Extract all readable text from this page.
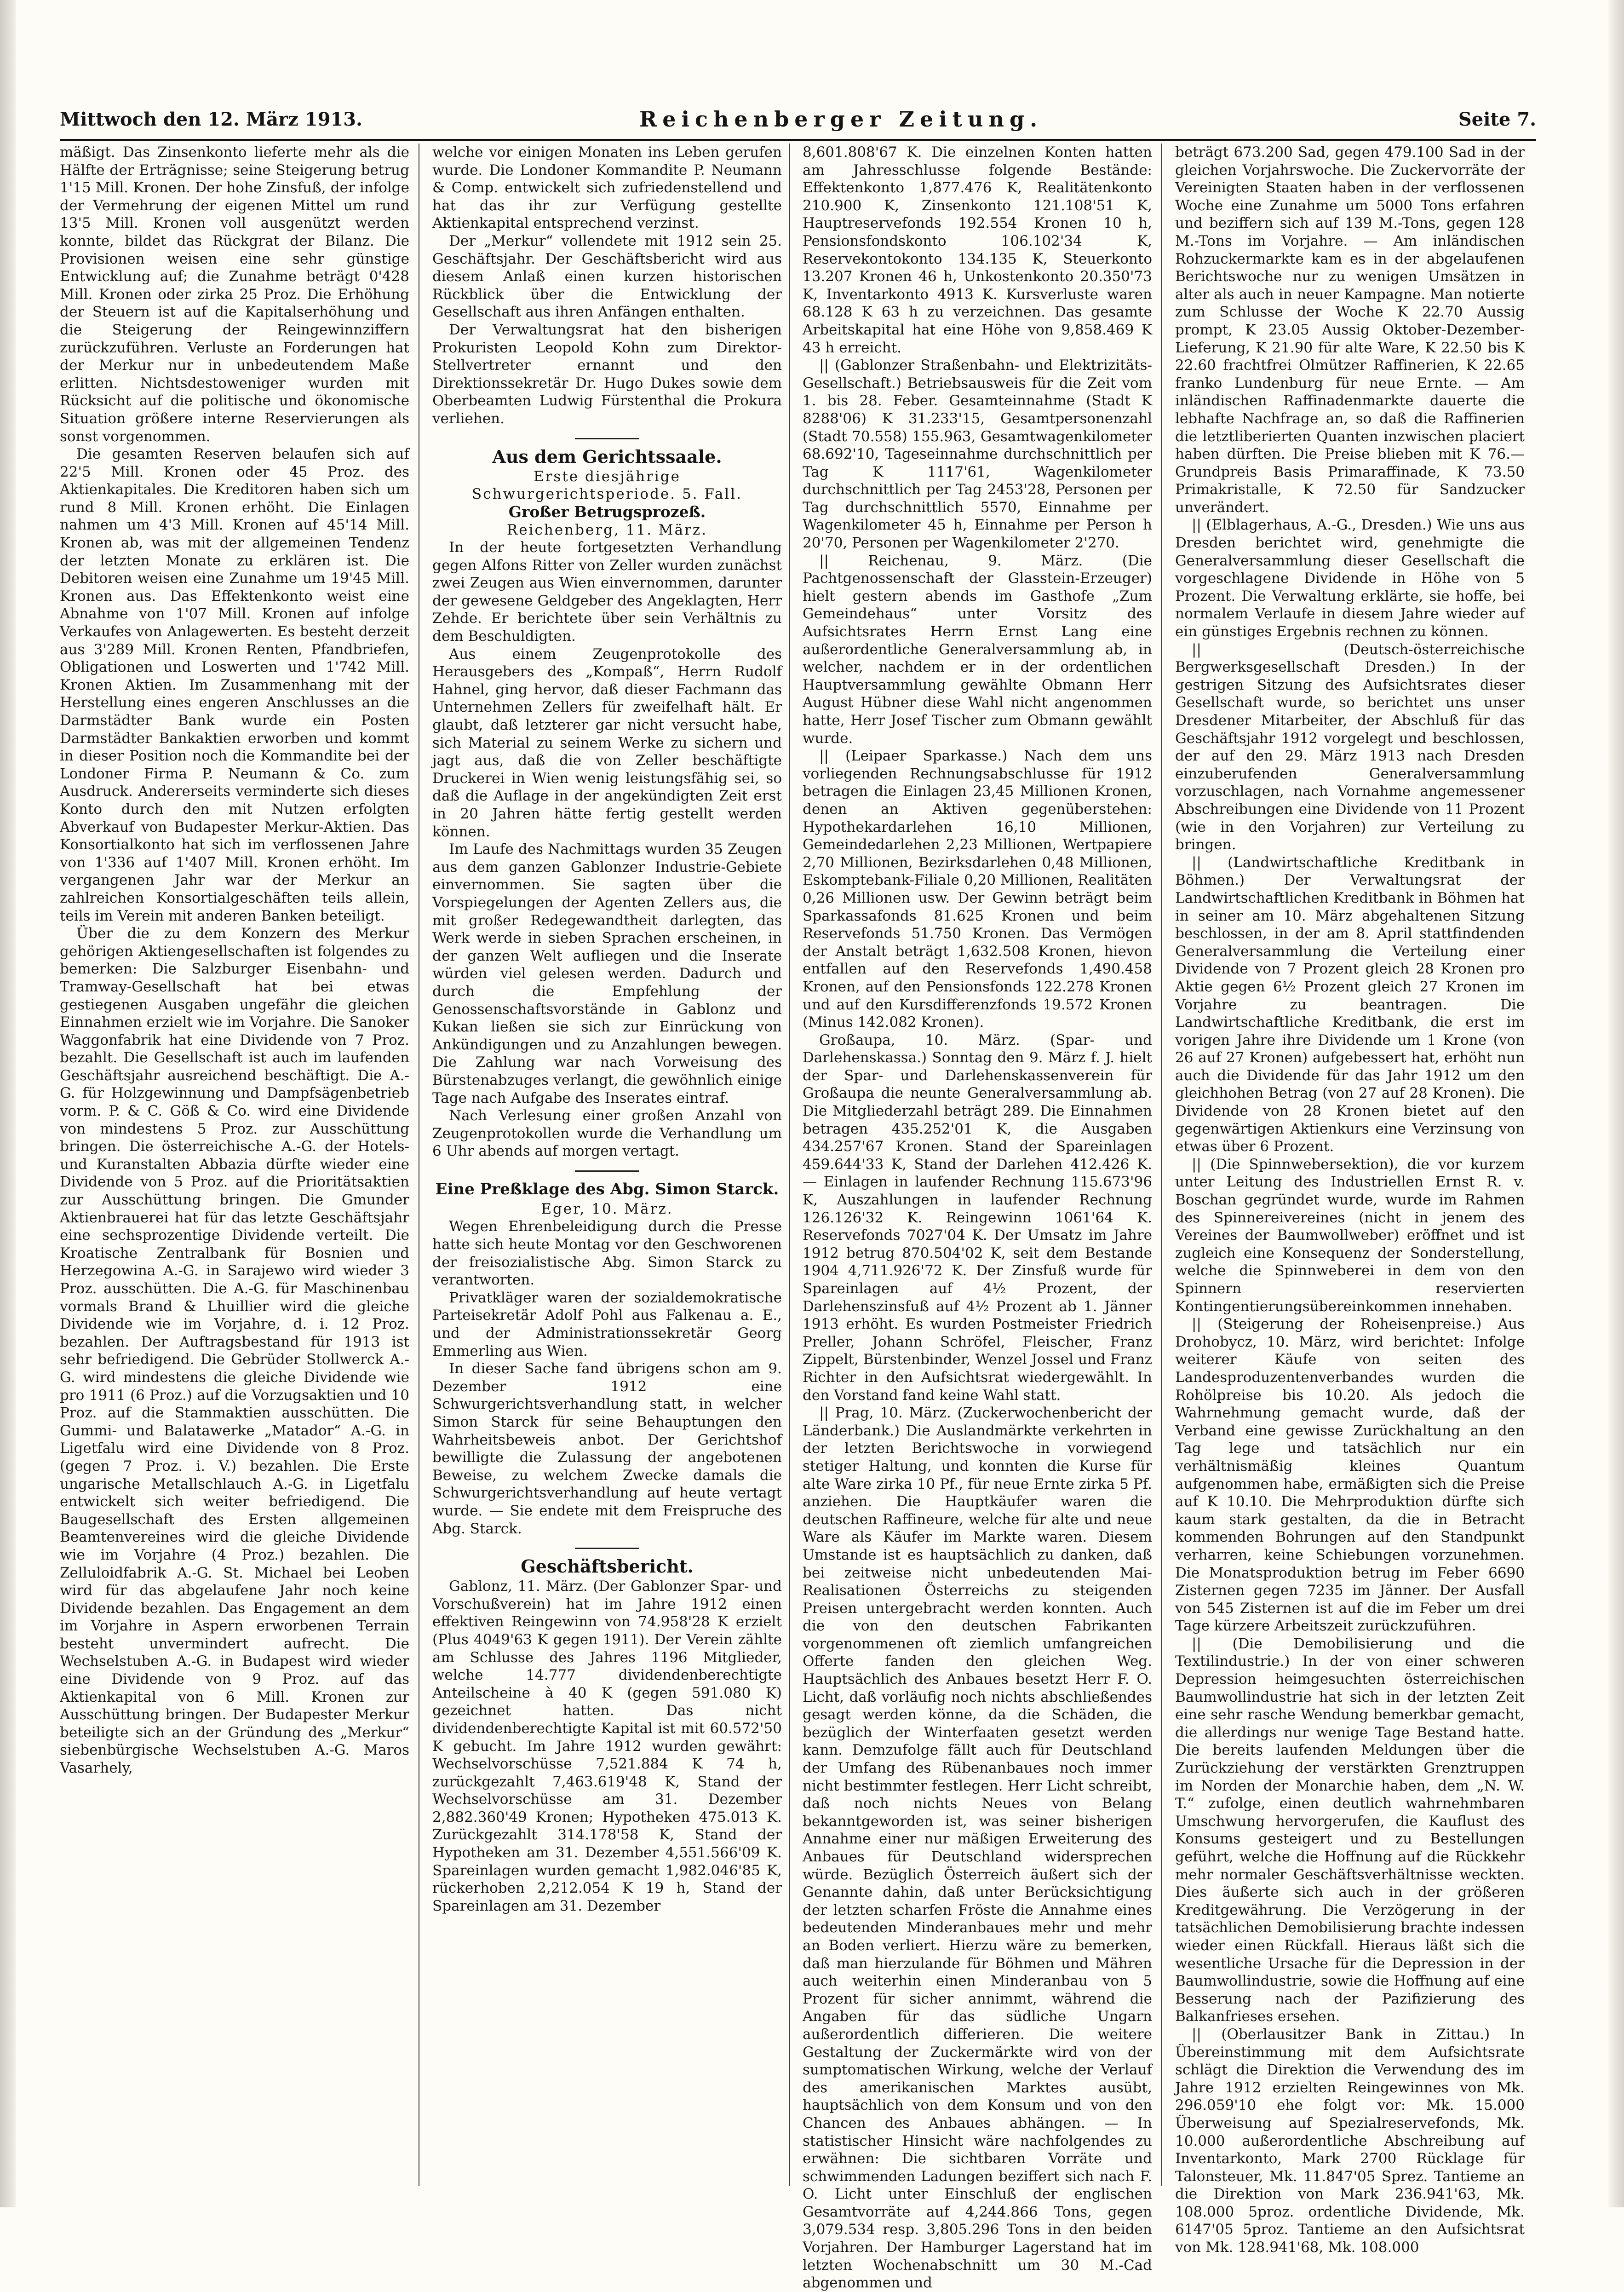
Mittwoch den 12. März 1913.	Reichenberger Zeitung.	Seite 7.

mäßigt. Das Zinsenkonto lieferte mehr als die Hälfte der Erträgnisse; seine Steigerung betrug 1'15 Mill. Kronen. Der hohe Zinsfuß, der infolge der Vermehrung der eigenen Mittel um rund 13'5 Mill. Kronen voll ausgenützt werden konnte, bildet das Rückgrat der Bilanz. Die Provisionen weisen eine sehr günstige Entwicklung auf; die Zunahme beträgt 0'428 Mill. Kronen oder zirka 25 Proz. Die Erhöhung der Steuern ist auf die Kapitalserhöhung und die Steigerung der Reingewinnziffern zurückzuführen. Verluste an Forderungen hat der Merkur nur in unbedeutendem Maße erlitten. Nichtsdestoweniger wurden mit Rücksicht auf die politische und ökonomische Situation größere interne Reservierungen als sonst vorgenommen.

Die gesamten Reserven belaufen sich auf 22'5 Mill. Kronen oder 45 Proz. des Aktienkapitales. Die Kreditoren haben sich um rund 8 Mill. Kronen erhöht. Die Einlagen nahmen um 4'3 Mill. Kronen auf 45'14 Mill. Kronen ab, was mit der allgemeinen Tendenz der letzten Monate zu erklären ist. Die Debitoren weisen eine Zunahme um 19'45 Mill. Kronen aus. Das Effektenkonto weist eine Abnahme von 1'07 Mill. Kronen auf infolge Verkaufes von Anlagewerten. Es besteht derzeit aus 3'289 Mill. Kronen Renten, Pfandbriefen, Obligationen und Loswerten und 1'742 Mill. Kronen Aktien. Im Zusammenhang mit der Herstellung eines engeren Anschlusses an die Darmstädter Bank wurde ein Posten Darmstädter Bankaktien erworben und kommt in dieser Position noch die Kommandite bei der Londoner Firma P. Neumann & Co. zum Ausdruck. Andererseits verminderte sich dieses Konto durch den mit Nutzen erfolgten Abverkauf von Budapester Merkur-Aktien. Das Konsortialkonto hat sich im verflossenen Jahre von 1'336 auf 1'407 Mill. Kronen erhöht. Im vergangenen Jahr war der Merkur an zahlreichen Konsortialgeschäften teils allein, teils im Verein mit anderen Banken beteiligt.

Über die zu dem Konzern des Merkur gehörigen Aktiengesellschaften ist folgendes zu bemerken: Die Salzburger Eisenbahn- und Tramway-Gesellschaft hat bei etwas gestiegenen Ausgaben ungefähr die gleichen Einnahmen erzielt wie im Vorjahre. Die Sanoker Waggonfabrik hat eine Dividende von 7 Proz. bezahlt. Die Gesellschaft ist auch im laufenden Geschäftsjahr ausreichend beschäftigt. Die A.-G. für Holzgewinnung und Dampfsägenbetrieb vorm. P. & C. Göß & Co. wird eine Dividende von mindestens 5 Proz. zur Ausschüttung bringen. Die österreichische A.-G. der Hotels- und Kuranstalten Abbazia dürfte wieder eine Dividende von 5 Proz. auf die Prioritätsaktien zur Ausschüttung bringen. Die Gmunder Aktienbrauerei hat für das letzte Geschäftsjahr eine sechsprozentige Dividende verteilt. Die Kroatische Zentralbank für Bosnien und Herzegowina A.-G. in Sarajewo wird wieder 3 Proz. ausschütten. Die A.-G. für Maschinenbau vormals Brand & Lhuillier wird die gleiche Dividende wie im Vorjahre, d. i. 12 Proz. bezahlen. Der Auftragsbestand für 1913 ist sehr befriedigend. Die Gebrüder Stollwerck A.-G. wird mindestens die gleiche Dividende wie pro 1911 (6 Proz.) auf die Vorzugsaktien und 10 Proz. auf die Stammaktien ausschütten. Die Gummi- und Balatawerke „Matador“ A.-G. in Ligetfalu wird eine Dividende von 8 Proz. (gegen 7 Proz. i. V.) bezahlen. Die Erste ungarische Metallschlauch A.-G. in Ligetfalu entwickelt sich weiter befriedigend. Die Baugesellschaft des Ersten allgemeinen Beamtenvereines wird die gleiche Dividende wie im Vorjahre (4 Proz.) bezahlen. Die Zelluloidfabrik A.-G. St. Michael bei Leoben wird für das abgelaufene Jahr noch keine Dividende bezahlen. Das Engagement an dem im Vorjahre in Aspern erworbenen Terrain besteht unvermindert aufrecht. Die Wechselstuben A.-G. in Budapest wird wieder eine Dividende von 9 Proz. auf das Aktienkapital von 6 Mill. Kronen zur Ausschüttung bringen. Der Budapester Merkur beteiligte sich an der Gründung des „Merkur“ siebenbürgische Wechselstuben A.-G. Maros Vasarhely,

welche vor einigen Monaten ins Leben gerufen wurde. Die Londoner Kommandite P. Neumann & Comp. entwickelt sich zufriedenstellend und hat das ihr zur Verfügung gestellte Aktienkapital entsprechend verzinst.

Der „Merkur“ vollendete mit 1912 sein 25. Geschäftsjahr. Der Geschäftsbericht wird aus diesem Anlaß einen kurzen historischen Rückblick über die Entwicklung der Gesellschaft aus ihren Anfängen enthalten.

Der Verwaltungsrat hat den bisherigen Prokuristen Leopold Kohn zum Direktor-Stellvertreter ernannt und den Direktionssekretär Dr. Hugo Dukes sowie dem Oberbeamten Ludwig Fürstenthal die Prokura verliehen.

Aus dem Gerichtssaale.

Erste diesjährige Schwurgerichtsperiode. 5. Fall.

Großer Betrugsprozeß.

Reichenberg, 11. März.

In der heute fortgesetzten Verhandlung gegen Alfons Ritter von Zeller wurden zunächst zwei Zeugen aus Wien einvernommen, darunter der gewesene Geldgeber des Angeklagten, Herr Zehde. Er berichtete über sein Verhältnis zu dem Beschuldigten.

Aus einem Zeugenprotokolle des Herausgebers des „Kompaß“, Herrn Rudolf Hahnel, ging hervor, daß dieser Fachmann das Unternehmen Zellers für zweifelhaft hält. Er glaubt, daß letzterer gar nicht versucht habe, sich Material zu seinem Werke zu sichern und jagt aus, daß die von Zeller beschäftigte Druckerei in Wien wenig leistungsfähig sei, so daß die Auflage in der angekündigten Zeit erst in 20 Jahren hätte fertig gestellt werden können.

Im Laufe des Nachmittags wurden 35 Zeugen aus dem ganzen Gablonzer Industrie-Gebiete einvernommen. Sie sagten über die Vorspiegelungen der Agenten Zellers aus, die mit großer Redegewandtheit darlegten, das Werk werde in sieben Sprachen erscheinen, in der ganzen Welt aufliegen und die Inserate würden viel gelesen werden. Dadurch und durch die Empfehlung der Genossenschaftsvorstände in Gablonz und Kukan ließen sie sich zur Einrückung von Ankündigungen und zu Anzahlungen bewegen. Die Zahlung war nach Vorweisung des Bürstenabzuges verlangt, die gewöhnlich einige Tage nach Aufgabe des Inserates eintraf.

Nach Verlesung einer großen Anzahl von Zeugenprotokollen wurde die Verhandlung um 6 Uhr abends auf morgen vertagt.

Eine Preßklage des Abg. Simon Starck.

Eger, 10. März.

Wegen Ehrenbeleidigung durch die Presse hatte sich heute Montag vor den Geschworenen der freisozialistische Abg. Simon Starck zu verantworten.

Privatkläger waren der sozialdemokratische Parteisekretär Adolf Pohl aus Falkenau a. E., und der Administrationssekretär Georg Emmerling aus Wien.

In dieser Sache fand übrigens schon am 9. Dezember 1912 eine Schwurgerichtsverhandlung statt, in welcher Simon Starck für seine Behauptungen den Wahrheitsbeweis anbot. Der Gerichtshof bewilligte die Zulassung der angebotenen Beweise, zu welchem Zwecke damals die Schwurgerichtsverhandlung auf heute vertagt wurde. — Sie endete mit dem Freispruche des Abg. Starck.

Geschäftsbericht.

Gablonz, 11. März. (Der Gablonzer Spar- und Vorschußverein) hat im Jahre 1912 einen effektiven Reingewinn von 74.958'28 K erzielt (Plus 4049'63 K gegen 1911). Der Verein zählte am Schlusse des Jahres 1196 Mitglieder, welche 14.777 dividendenberechtigte Anteilscheine à 40 K (gegen 591.080 K) gezeichnet hatten. Das nicht dividendenberechtigte Kapital ist mit 60.572'50 K gebucht. Im Jahre 1912 wurden gewährt: Wechselvorschüsse 7,521.884 K 74 h, zurückgezahlt 7,463.619'48 K, Stand der Wechselvorschüsse am 31. Dezember 2,882.360'49 Kronen; Hypotheken 475.013 K. Zurückgezahlt 314.178'58 K, Stand der Hypotheken am 31. Dezember 4,551.566'09 K. Spareinlagen wurden gemacht 1,982.046'85 K, rückerhoben 2,212.054 K 19 h, Stand der Spareinlagen am 31. Dezember

8,601.808'67 K. Die einzelnen Konten hatten am Jahresschlusse folgende Bestände: Effektenkonto 1,877.476 K, Realitätenkonto 210.900 K, Zinsenkonto 121.108'51 K, Hauptreservefonds 192.554 Kronen 10 h, Pensionsfondskonto 106.102'34 K, Reservekontokonto 134.135 K, Steuerkonto 13.207 Kronen 46 h, Unkostenkonto 20.350'73 K, Inventarkonto 4913 K. Kursverluste waren 68.128 K 63 h zu verzeichnen. Das gesamte Arbeitskapital hat eine Höhe von 9,858.469 K 43 h erreicht.

|| (Gablonzer Straßenbahn- und Elektrizitäts-Gesellschaft.) Betriebsausweis für die Zeit vom 1. bis 28. Feber. Gesamteinnahme (Stadt K 8288'06) K 31.233'15, Gesamtpersonenzahl (Stadt 70.558) 155.963, Gesamtwagenkilometer 68.692'10, Tageseinnahme durchschnittlich per Tag K 1117'61, Wagenkilometer durchschnittlich per Tag 2453'28, Personen per Tag durchschnittlich 5570, Einnahme per Wagenkilometer 45 h, Einnahme per Person h 20'70, Personen per Wagenkilometer 2'270.

|| Reichenau, 9. März. (Die Pachtgenossenschaft der Glasstein-Erzeuger) hielt gestern abends im Gasthofe „Zum Gemeindehaus“ unter Vorsitz des Aufsichtsrates Herrn Ernst Lang eine außerordentliche Generalversammlung ab, in welcher, nachdem er in der ordentlichen Hauptversammlung gewählte Obmann Herr August Hübner diese Wahl nicht angenommen hatte, Herr Josef Tischer zum Obmann gewählt wurde.

|| (Leipaer Sparkasse.) Nach dem uns vorliegenden Rechnungsabschlusse für 1912 betragen die Einlagen 23,45 Millionen Kronen, denen an Aktiven gegenüberstehen: Hypothekardarlehen 16,10 Millionen, Gemeindedarlehen 2,23 Millionen, Wertpapiere 2,70 Millionen, Bezirksdarlehen 0,48 Millionen, Eskomptebank-Filiale 0,20 Millionen, Realitäten 0,26 Millionen usw. Der Gewinn beträgt beim Sparkassafonds 81.625 Kronen und beim Reservefonds 51.750 Kronen. Das Vermögen der Anstalt beträgt 1,632.508 Kronen, hievon entfallen auf den Reservefonds 1,490.458 Kronen, auf den Pensionsfonds 122.278 Kronen und auf den Kursdifferenzfonds 19.572 Kronen (Minus 142.082 Kronen).

Großaupa, 10. März. (Spar- und Darlehenskassa.) Sonntag den 9. März f. J. hielt der Spar- und Darlehenskassenverein für Großaupa die neunte Generalversammlung ab. Die Mitgliederzahl beträgt 289. Die Einnahmen betragen 435.252'01 K, die Ausgaben 434.257'67 Kronen. Stand der Spareinlagen 459.644'33 K, Stand der Darlehen 412.426 K. — Einlagen in laufender Rechnung 115.673'96 K, Auszahlungen in laufender Rechnung 126.126'32 K. Reingewinn 1061'64 K. Reservefonds 7027'04 K. Der Umsatz im Jahre 1912 betrug 870.504'02 K, seit dem Bestande 1904 4,711.926'72 K. Der Zinsfuß wurde für Spareinlagen auf 4½ Prozent, der Darlehenszinsfuß auf 4½ Prozent ab 1. Jänner 1913 erhöht. Es wurden Postmeister Friedrich Preller, Johann Schröfel, Fleischer, Franz Zippelt, Bürstenbinder, Wenzel Jossel und Franz Richter in den Aufsichtsrat wiedergewählt. In den Vorstand fand keine Wahl statt.

|| Prag, 10. März. (Zuckerwochenbericht der Länderbank.) Die Auslandmärkte verkehrten in der letzten Berichtswoche in vorwiegend stetiger Haltung, und konnten die Kurse für alte Ware zirka 10 Pf., für neue Ernte zirka 5 Pf. anziehen. Die Hauptkäufer waren die deutschen Raffineure, welche für alte und neue Ware als Käufer im Markte waren. Diesem Umstande ist es hauptsächlich zu danken, daß bei zeitweise nicht unbedeutenden Mai-Realisationen Österreichs zu steigenden Preisen untergebracht werden konnten. Auch die von den deutschen Fabrikanten vorgenommenen oft ziemlich umfangreichen Offerte fanden den gleichen Weg. Hauptsächlich des Anbaues besetzt Herr F. O. Licht, daß vorläufig noch nichts abschließendes gesagt werden könne, da die Schäden, die bezüglich der Winterfaaten gesetzt werden kann. Demzufolge fällt auch für Deutschland der Umfang des Rübenanbaues noch immer nicht bestimmter festlegen. Herr Licht schreibt, daß noch nichts Neues von Belang bekanntgeworden ist, was seiner bisherigen Annahme einer nur mäßigen Erweiterung des Anbaues für Deutschland widersprechen würde. Bezüglich Österreich äußert sich der Genannte dahin, daß unter Berücksichtigung der letzten scharfen Fröste die Annahme eines bedeutenden Minderanbaues mehr und mehr an Boden verliert. Hierzu wäre zu bemerken, daß man hierzulande für Böhmen und Mähren auch weiterhin einen Minderanbau von 5 Prozent für sicher annimmt, während die Angaben für das südliche Ungarn außerordentlich differieren. Die weitere Gestaltung der Zuckermärkte wird von der sumptomatischen Wirkung, welche der Verlauf des amerikanischen Marktes ausübt, hauptsächlich von dem Konsum und von den Chancen des Anbaues abhängen. — In statistischer Hinsicht wäre nachfolgendes zu erwähnen: Die sichtbaren Vorräte und schwimmenden Ladungen beziffert sich nach F. O. Licht unter Einschluß der englischen Gesamtvorräte auf 4,244.866 Tons, gegen 3,079.534 resp. 3,805.296 Tons in den beiden Vorjahren. Der Hamburger Lagerstand hat im letzten Wochenabschnitt um 30 M.-Cad abgenommen und

beträgt 673.200 Sad, gegen 479.100 Sad in der gleichen Vorjahrswoche. Die Zuckervorräte der Vereinigten Staaten haben in der verflossenen Woche eine Zunahme um 5000 Tons erfahren und beziffern sich auf 139 M.-Tons, gegen 128 M.-Tons im Vorjahre. — Am inländischen Rohzuckermarkte kam es in der abgelaufenen Berichtswoche nur zu wenigen Umsätzen in alter als auch in neuer Kampagne. Man notierte zum Schlusse der Woche K 22.70 Aussig prompt, K 23.05 Aussig Oktober-Dezember-Lieferung, K 21.90 für alte Ware, K 22.50 bis K 22.60 frachtfrei Olmützer Raffinerien, K 22.65 franko Lundenburg für neue Ernte. — Am inländischen Raffinadenmarkte dauerte die lebhafte Nachfrage an, so daß die Raffinerien die letztliberierten Quanten inzwischen placiert haben dürften. Die Preise blieben mit K 76.— Grundpreis Basis Primaraffinade, K 73.50 Primakristalle, K 72.50 für Sandzucker unverändert.

|| (Elblagerhaus, A.-G., Dresden.) Wie uns aus Dresden berichtet wird, genehmigte die Generalversammlung dieser Gesellschaft die vorgeschlagene Dividende in Höhe von 5 Prozent. Die Verwaltung erklärte, sie hoffe, bei normalem Verlaufe in diesem Jahre wieder auf ein günstiges Ergebnis rechnen zu können.

|| (Deutsch-österreichische Bergwerksgesellschaft Dresden.) In der gestrigen Sitzung des Aufsichtsrates dieser Gesellschaft wurde, so berichtet uns unser Dresdener Mitarbeiter, der Abschluß für das Geschäftsjahr 1912 vorgelegt und beschlossen, der auf den 29. März 1913 nach Dresden einzuberufenden Generalversammlung vorzuschlagen, nach Vornahme angemessener Abschreibungen eine Dividende von 11 Prozent (wie in den Vorjahren) zur Verteilung zu bringen.

|| (Landwirtschaftliche Kreditbank in Böhmen.) Der Verwaltungsrat der Landwirtschaftlichen Kreditbank in Böhmen hat in seiner am 10. März abgehaltenen Sitzung beschlossen, in der am 8. April stattfindenden Generalversammlung die Verteilung einer Dividende von 7 Prozent gleich 28 Kronen pro Aktie gegen 6½ Prozent gleich 27 Kronen im Vorjahre zu beantragen. Die Landwirtschaftliche Kreditbank, die erst im vorigen Jahre ihre Dividende um 1 Krone (von 26 auf 27 Kronen) aufgebessert hat, erhöht nun auch die Dividende für das Jahr 1912 um den gleichhohen Betrag (von 27 auf 28 Kronen). Die Dividende von 28 Kronen bietet auf den gegenwärtigen Aktienkurs eine Verzinsung von etwas über 6 Prozent.

|| (Die Spinnwebersektion), die vor kurzem unter Leitung des Industriellen Ernst R. v. Boschan gegründet wurde, wurde im Rahmen des Spinnereivereines (nicht in jenem des Vereines der Baumwollweber) eröffnet und ist zugleich eine Konsequenz der Sonderstellung, welche die Spinnweberei in dem von den Spinnern reservierten Kontingentierungsübereinkommen innehaben.

|| (Steigerung der Roheisenpreise.) Aus Drohobycz, 10. März, wird berichtet: Infolge weiterer Käufe von seiten des Landesproduzentenverbandes wurden die Rohölpreise bis 10.20. Als jedoch die Wahrnehmung gemacht wurde, daß der Verband eine gewisse Zurückhaltung an den Tag lege und tatsächlich nur ein verhältnismäßig kleines Quantum aufgenommen habe, ermäßigten sich die Preise auf K 10.10. Die Mehrproduktion dürfte sich kaum stark gestalten, da die in Betracht kommenden Bohrungen auf den Standpunkt verharren, keine Schiebungen vorzunehmen. Die Monatsproduktion betrug im Feber 6690 Zisternen gegen 7235 im Jänner. Der Ausfall von 545 Zisternen ist auf die im Feber um drei Tage kürzere Arbeitszeit zurückzuführen.

|| (Die Demobilisierung und die Textilindustrie.) In der von einer schweren Depression heimgesuchten österreichischen Baumwollindustrie hat sich in der letzten Zeit eine sehr rasche Wendung bemerkbar gemacht, die allerdings nur wenige Tage Bestand hatte. Die bereits laufenden Meldungen über die Zurückziehung der verstärkten Grenztruppen im Norden der Monarchie haben, dem „N. W. T.“ zufolge, einen deutlich wahrnehmbaren Umschwung hervorgerufen, die Kauflust des Konsums gesteigert und zu Bestellungen geführt, welche die Hoffnung auf die Rückkehr mehr normaler Geschäftsverhältnisse weckten. Dies äußerte sich auch in der größeren Kreditgewährung. Die Verzögerung in der tatsächlichen Demobilisierung brachte indessen wieder einen Rückfall. Hieraus läßt sich die wesentliche Ursache für die Depression in der Baumwollindustrie, sowie die Hoffnung auf eine Besserung nach der Pazifizierung des Balkanfrieses ersehen.

|| (Oberlausitzer Bank in Zittau.) In Übereinstimmung mit dem Aufsichtsrate schlägt die Direktion die Verwendung des im Jahre 1912 erzielten Reingewinnes von Mk. 296.059'10 ehe folgt vor: Mk. 15.000 Überweisung auf Spezialreservefonds, Mk. 10.000 außerordentliche Abschreibung auf Inventarkonto, Mark 2700 Rücklage für Talonsteuer, Mk. 11.847'05 Sprez. Tantieme an die Direktion von Mark 236.941'63, Mk. 108.000 5proz. ordentliche Dividende, Mk. 6147'05 5proz. Tantieme an den Aufsichtsrat von Mk. 128.941'68, Mk. 108.000
